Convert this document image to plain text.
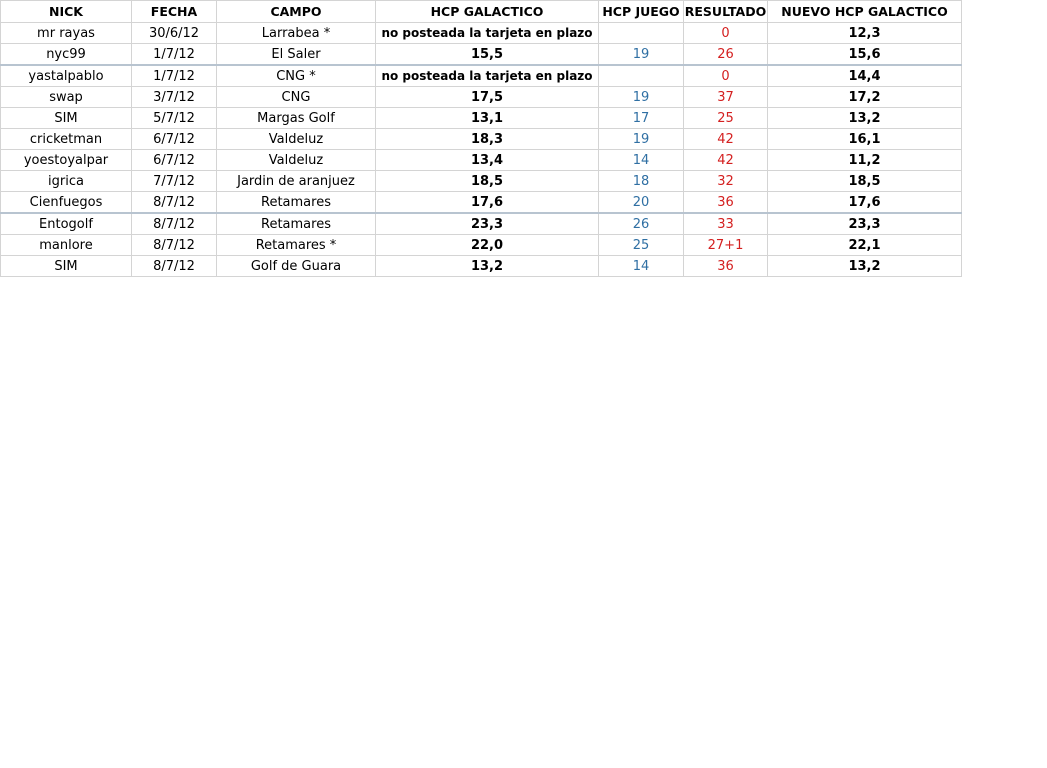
NICK	FECHA	CAMPO	HCP GALACTICO	HCP JUEGO	RESULTADO	NUEVO HCP GALACTICO
mr rayas	30/6/12	Larrabea *	no posteada la tarjeta en plazo		0	12,3
nyc99	1/7/12	El Saler	15,5	19	26	15,6
yastalpablo	1/7/12	CNG *	no posteada la tarjeta en plazo		0	14,4
swap	3/7/12	CNG	17,5	19	37	17,2
SIM	5/7/12	Margas Golf	13,1	17	25	13,2
cricketman	6/7/12	Valdeluz	18,3	19	42	16,1
yoestoyalpar	6/7/12	Valdeluz	13,4	14	42	11,2
igrica	7/7/12	Jardin de aranjuez	18,5	18	32	18,5
Cienfuegos	8/7/12	Retamares	17,6	20	36	17,6
Entogolf	8/7/12	Retamares	23,3	26	33	23,3
manlore	8/7/12	Retamares *	22,0	25	27+1	22,1
SIM	8/7/12	Golf de Guara	13,2	14	36	13,2
